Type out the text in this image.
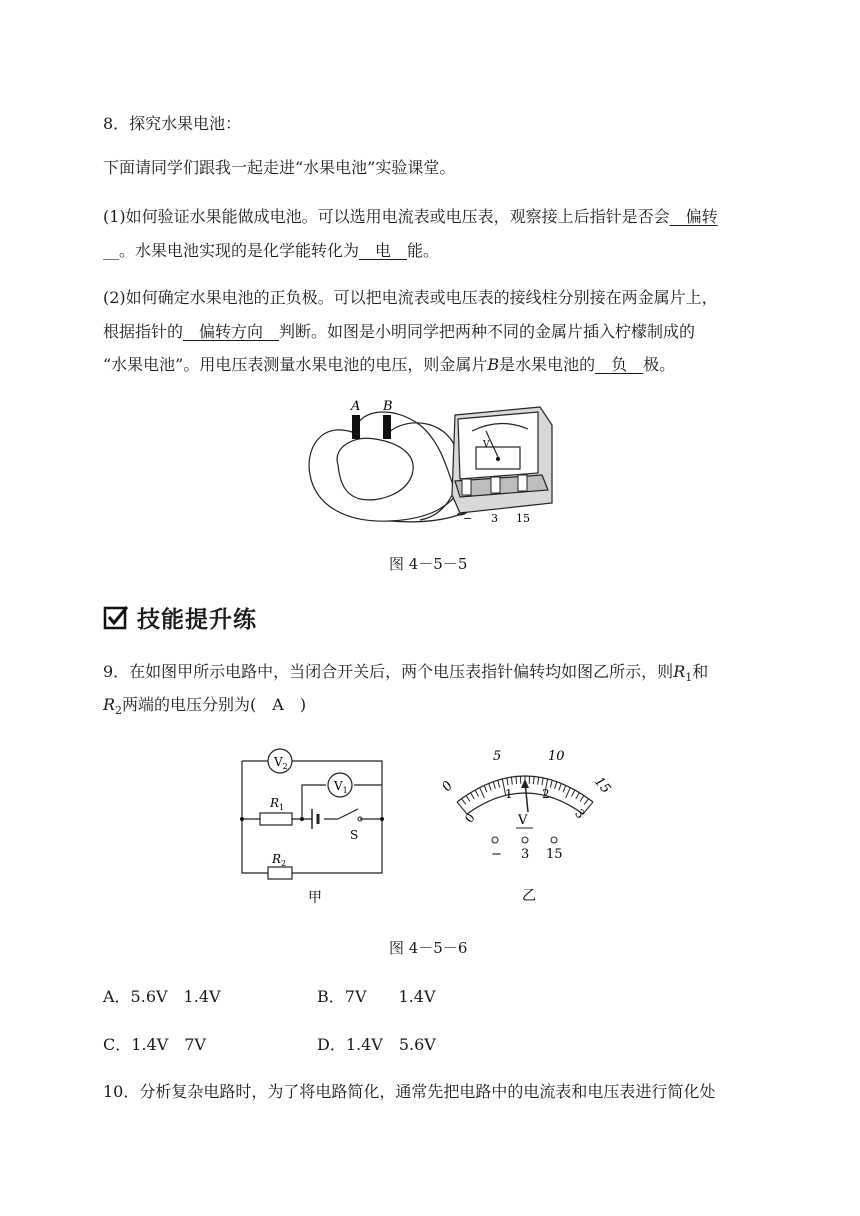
8．探究水果电池：
下面请同学们跟我一起走进“水果电池”实验课堂。
(1)如何验证水果能做成电池。可以选用电流表或电压表，观察接上后指针是否会__偏转
__。水果电池实现的是化学能转化为__电__能。
(2)如何确定水果电池的正负极。可以把电流表或电压表的接线柱分别接在两金属片上，
根据指针的__偏转方向__判断。如图是小明同学把两种不同的金属片插入柠檬制成的
“水果电池”。用电压表测量水果电池的电压，则金属片B是水果电池的__负__极。
A B
V
− 3 15
图 4－5－5
技能提升练
9．在如图甲所示电路中，当闭合开关后，两个电压表指针偏转均如图乙所示，则$R_1$和
$R_2$两端的电压分别为(　A　)
$V_2$
$V_1$
$R_1$
$R_2$
S
甲
0
5	10
15
0
1 2
3
V
− 3 15
乙
图 4－5－6
A．5.6V　1.4V	B．7V　　1.4V
C．1.4V　7V	D．1.4V　5.6V
10．分析复杂电路时，为了将电路简化，通常先把电路中的电流表和电压表进行简化处
